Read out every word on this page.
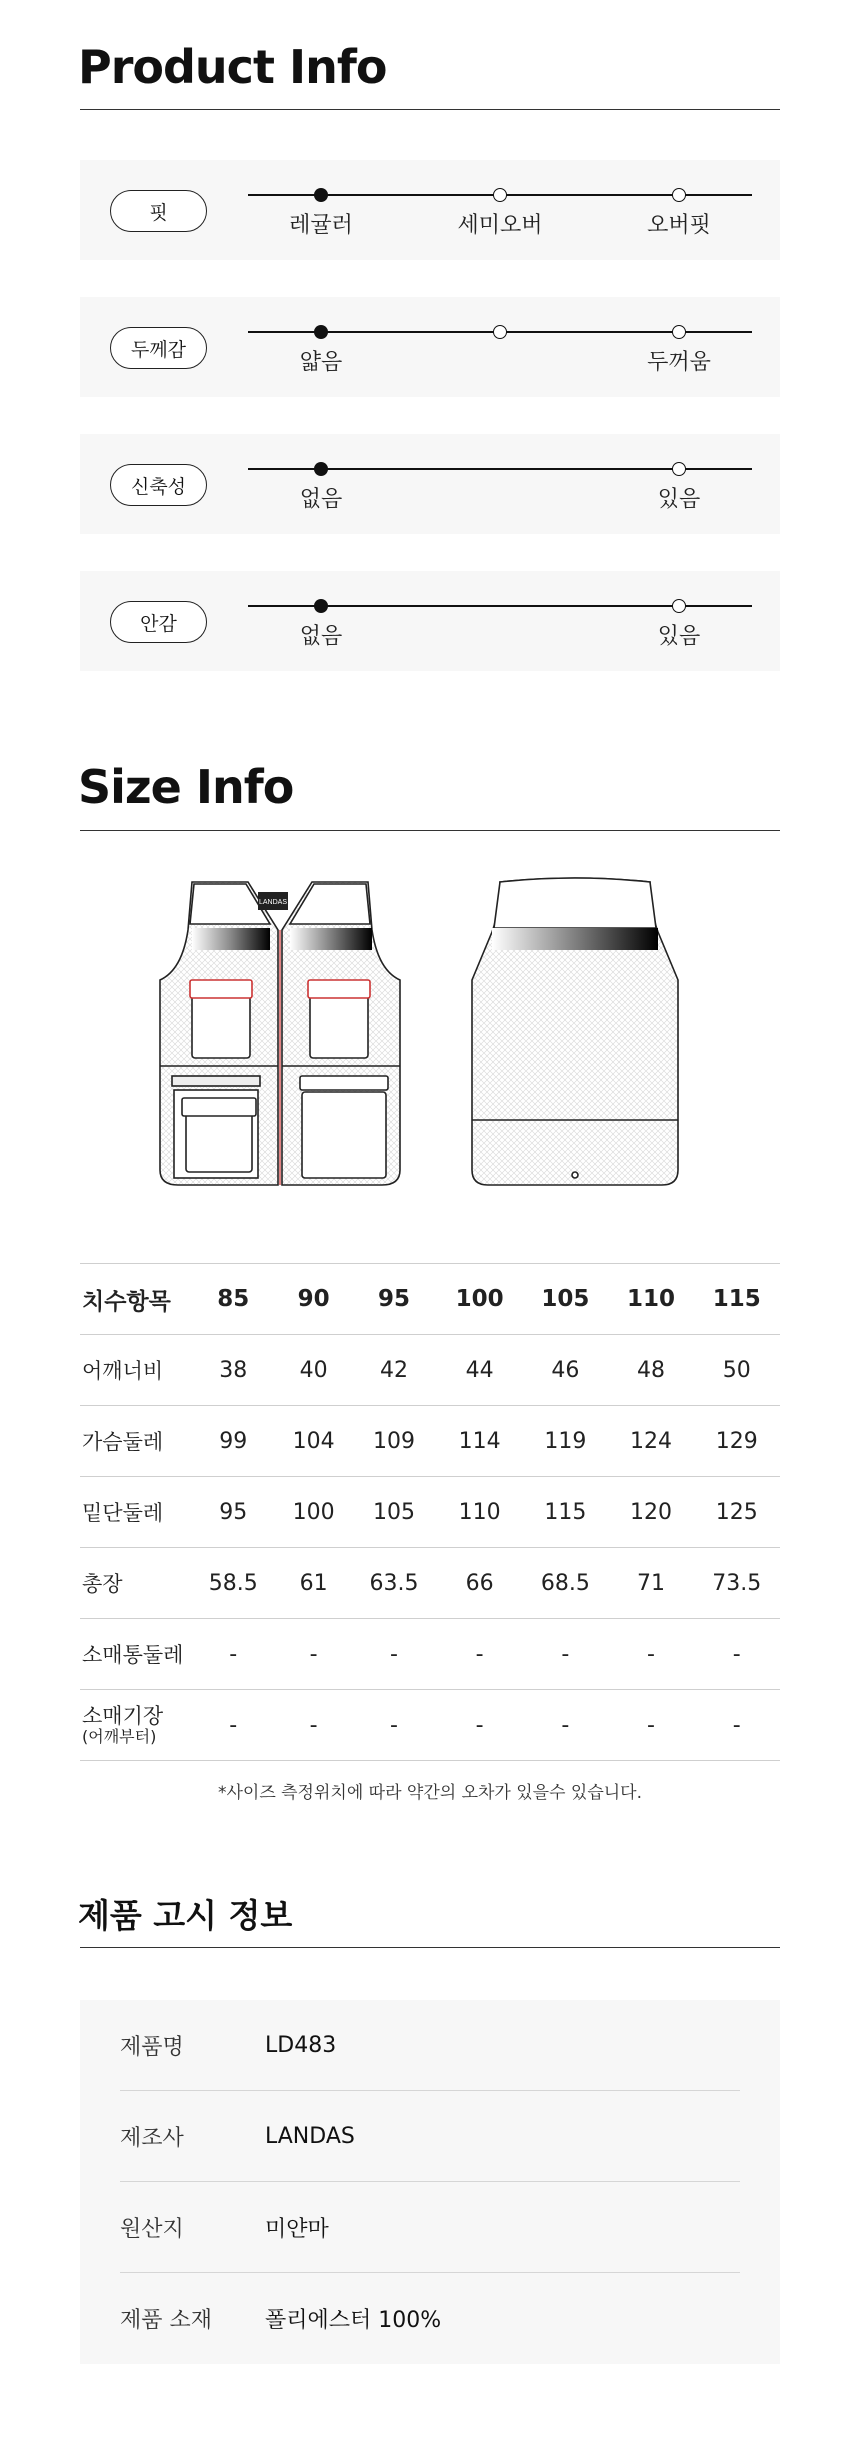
Product Info
핏
레귤러	세미오버	오버핏
두께감
얇음	두꺼움
신축성
없음	있음
안감
없음	있음
Size Info
LANDAS
치수항목	85	90	95	100	105	110	115
어깨너비	38	40	42	44	46	48	50
가슴둘레	99	104	109	114	119	124	129
밑단둘레	95	100	105	110	115	120	125
총장	58.5	61	63.5	66	68.5	71	73.5
소매통둘레	-	-	-	-	-	-	-

소매기장
(어깨부터)	-	-	-	-	-	-	-
*사이즈 측정위치에 따라 약간의 오차가 있을수 있습니다.
제품 고시 정보
제품명	LD483
제조사	LANDAS
원산지	미얀마
제품 소재	폴리에스터 100%
